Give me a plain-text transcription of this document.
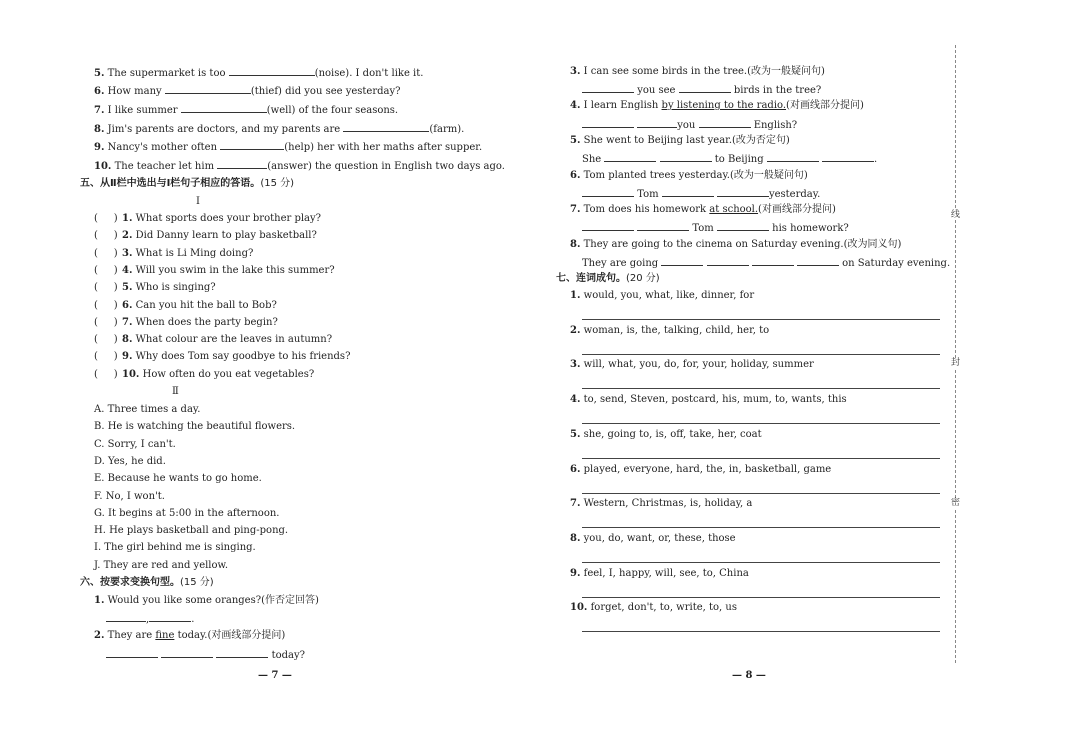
5. The supermarket is too	(noise). I don't like it.
6. How many	(thief) did you see yesterday?
7. I like summer	(well) of the four seasons.
8. Jim's parents are doctors, and my parents are	(farm).
9. Nancy's mother often	(help) her with her maths after supper.
10. The teacher let him	(answer) the question in English two days ago.
五、从Ⅱ栏中选出与Ⅰ栏句子相应的答语。(15 分)
Ⅰ
(     ) 1. What sports does your brother play?
(     ) 2. Did Danny learn to play basketball?
(     ) 3. What is Li Ming doing?
(     ) 4. Will you swim in the lake this summer?
(     ) 5. Who is singing?
(     ) 6. Can you hit the ball to Bob?
(     ) 7. When does the party begin?
(     ) 8. What colour are the leaves in autumn?
(     ) 9. Why does Tom say goodbye to his friends?
(     ) 10. How often do you eat vegetables?
Ⅱ
A. Three times a day.
B. He is watching the beautiful flowers.
C. Sorry, I can't.
D. Yes, he did.
E. Because he wants to go home.
F. No, I won't.
G. It begins at 5:00 in the afternoon.
H. He plays basketball and ping-pong.
I. The girl behind me is singing.
J. They are red and yellow.
六、按要求变换句型。(15 分)
1. Would you like some oranges?(作否定回答)
,	.
2. They are fine today.(对画线部分提问)
today?
— 7 —
3. I can see some birds in the tree.(改为一般疑问句)
you see	birds in the tree?
4. I learn English by listening to the radio.(对画线部分提问)
you	English?
5. She went to Beijing last year.(改为否定句)
She	to Beijing	.
6. Tom planted trees yesterday.(改为一般疑问句)
Tom	yesterday.
7. Tom does his homework at school.(对画线部分提问)
Tom	his homework?
8. They are going to the cinema on Saturday evening.(改为同义句)
They are going	on Saturday evening.
七、连词成句。(20 分)
1. would, you, what, like, dinner, for
2. woman, is, the, talking, child, her, to
3. will, what, you, do, for, your, holiday, summer
4. to, send, Steven, postcard, his, mum, to, wants, this
5. she, going to, is, off, take, her, coat
6. played, everyone, hard, the, in, basketball, game
7. Western, Christmas, is, holiday, a
8. you, do, want, or, these, those
9. feel, I, happy, will, see, to, China
10. forget, don't, to, write, to, us
— 8 —
线
封
密
